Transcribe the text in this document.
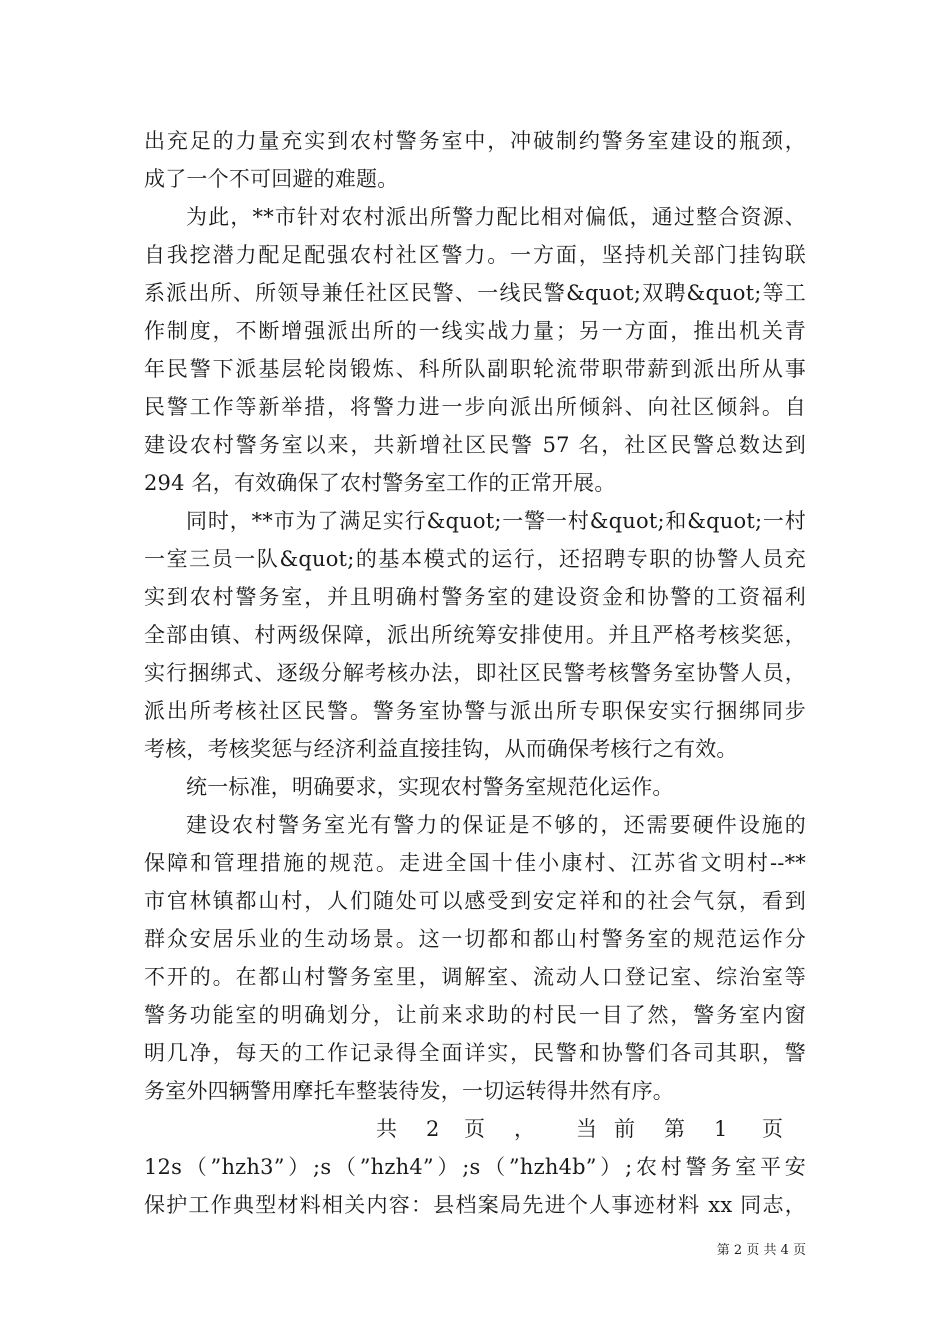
出充足的力量充实到农村警务室中，冲破制约警务室建设的瓶颈，
成了一个不可回避的难题。
为此，**市针对农村派出所警力配比相对偏低，通过整合资源、
自我挖潜力配足配强农村社区警力。一方面，坚持机关部门挂钩联
系派出所、所领导兼任社区民警、一线民警&quot;双聘&quot;等工
作制度，不断增强派出所的一线实战力量；另一方面，推出机关青
年民警下派基层轮岗锻炼、科所队副职轮流带职带薪到派出所从事
民警工作等新举措，将警力进一步向派出所倾斜、向社区倾斜。自
建设农村警务室以来，共新增社区民警 57 名，社区民警总数达到
294 名，有效确保了农村警务室工作的正常开展。
同时，**市为了满足实行&quot;一警一村&quot;和&quot;一村
一室三员一队&quot;的基本模式的运行，还招聘专职的协警人员充
实到农村警务室，并且明确村警务室的建设资金和协警的工资福利
全部由镇、村两级保障，派出所统筹安排使用。并且严格考核奖惩，
实行捆绑式、逐级分解考核办法，即社区民警考核警务室协警人员，
派出所考核社区民警。警务室协警与派出所专职保安实行捆绑同步
考核，考核奖惩与经济利益直接挂钩，从而确保考核行之有效。
统一标准，明确要求，实现农村警务室规范化运作。
建设农村警务室光有警力的保证是不够的，还需要硬件设施的
保障和管理措施的规范。走进全国十佳小康村、江苏省文明村--**
市官林镇都山村，人们随处可以感受到安定祥和的社会气氛，看到
群众安居乐业的生动场景。这一切都和都山村警务室的规范运作分
不开的。在都山村警务室里，调解室、流动人口登记室、综治室等
警务功能室的明确划分，让前来求助的村民一目了然，警务室内窗
明几净，每天的工作记录得全面详实，民警和协警们各司其职，警
务室外四辆警用摩托车整装待发，一切运转得井然有序。
共 2 页 ， 当 前 第 1 页
12s（”hzh3”）;s（”hzh4”）;s（”hzh4b”）;农村警务室平安
保护工作典型材料相关内容：县档案局先进个人事迹材料 xx 同志，
第 2 页 共 4 页
